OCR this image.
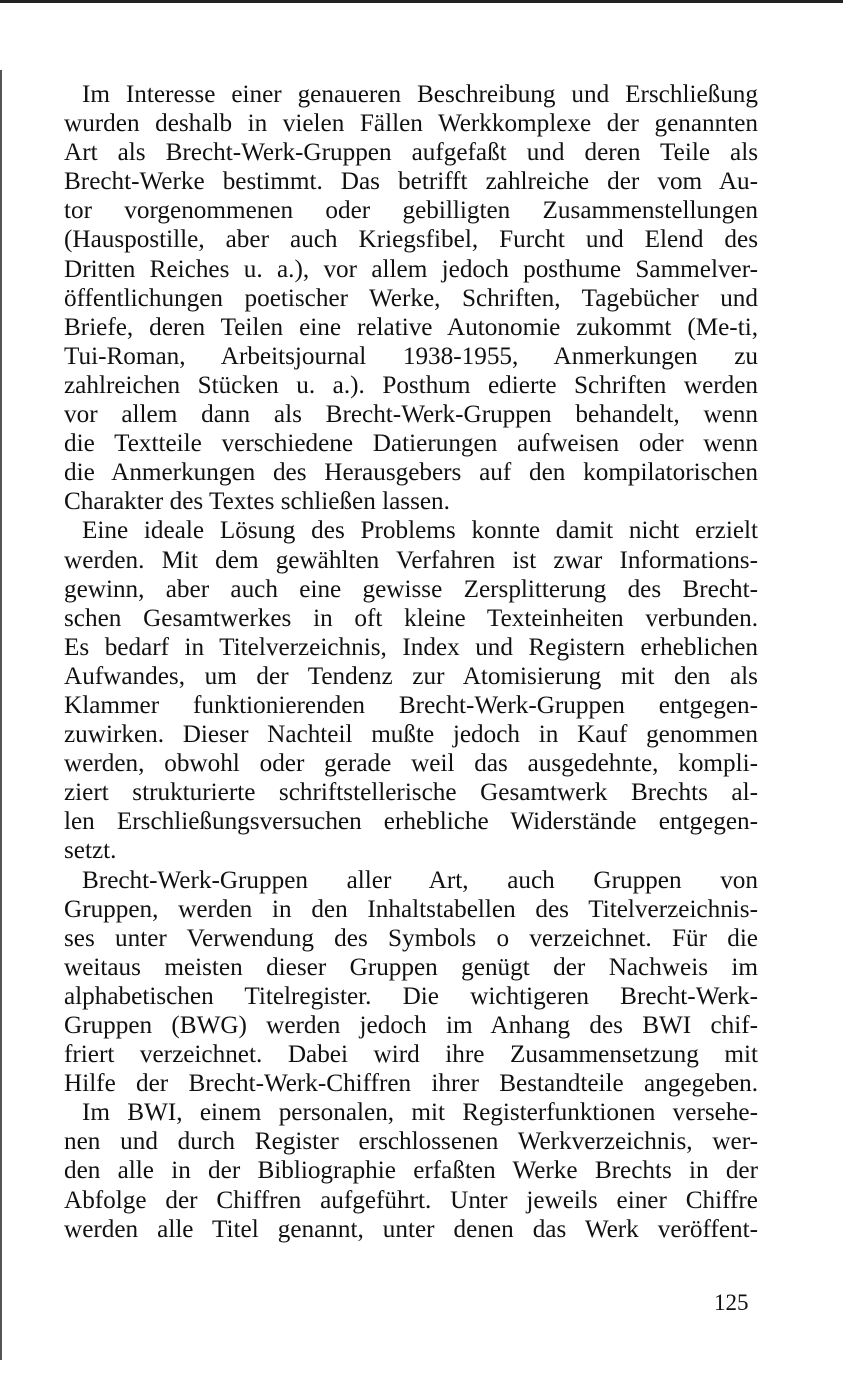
Im Interesse einer genaueren Beschreibung und Erschließung
wurden deshalb in vielen Fällen Werkkomplexe der genannten
Art als Brecht-Werk-Gruppen aufgefaßt und deren Teile als
Brecht-Werke bestimmt. Das betrifft zahlreiche der vom Au-
tor vorgenommenen oder gebilligten Zusammenstellungen
(Hauspostille, aber auch Kriegsfibel, Furcht und Elend des
Dritten Reiches u. a.), vor allem jedoch posthume Sammelver-
öffentlichungen poetischer Werke, Schriften, Tagebücher und
Briefe, deren Teilen eine relative Autonomie zukommt (Me-ti,
Tui-Roman, Arbeitsjournal 1938-1955, Anmerkungen zu
zahlreichen Stücken u. a.). Posthum edierte Schriften werden
vor allem dann als Brecht-Werk-Gruppen behandelt, wenn
die Textteile verschiedene Datierungen aufweisen oder wenn
die Anmerkungen des Herausgebers auf den kompilatorischen
Charakter des Textes schließen lassen.

Eine ideale Lösung des Problems konnte damit nicht erzielt
werden. Mit dem gewählten Verfahren ist zwar Informations-
gewinn, aber auch eine gewisse Zersplitterung des Brecht-
schen Gesamtwerkes in oft kleine Texteinheiten verbunden.
Es bedarf in Titelverzeichnis, Index und Registern erheblichen
Aufwandes, um der Tendenz zur Atomisierung mit den als
Klammer funktionierenden Brecht-Werk-Gruppen entgegen-
zuwirken. Dieser Nachteil mußte jedoch in Kauf genommen
werden, obwohl oder gerade weil das ausgedehnte, kompli-
ziert strukturierte schriftstellerische Gesamtwerk Brechts al-
len Erschließungsversuchen erhebliche Widerstände entgegen-
setzt.

Brecht-Werk-Gruppen aller Art, auch Gruppen von
Gruppen, werden in den Inhaltstabellen des Titelverzeichnis-
ses unter Verwendung des Symbols o verzeichnet. Für die
weitaus meisten dieser Gruppen genügt der Nachweis im
alphabetischen Titelregister. Die wichtigeren Brecht-Werk-
Gruppen (BWG) werden jedoch im Anhang des BWI chif-
friert verzeichnet. Dabei wird ihre Zusammensetzung mit
Hilfe der Brecht-Werk-Chiffren ihrer Bestandteile angegeben.

Im BWI, einem personalen, mit Registerfunktionen versehe-
nen und durch Register erschlossenen Werkverzeichnis, wer-
den alle in der Bibliographie erfaßten Werke Brechts in der
Abfolge der Chiffren aufgeführt. Unter jeweils einer Chiffre
werden alle Titel genannt, unter denen das Werk veröffent-

125
